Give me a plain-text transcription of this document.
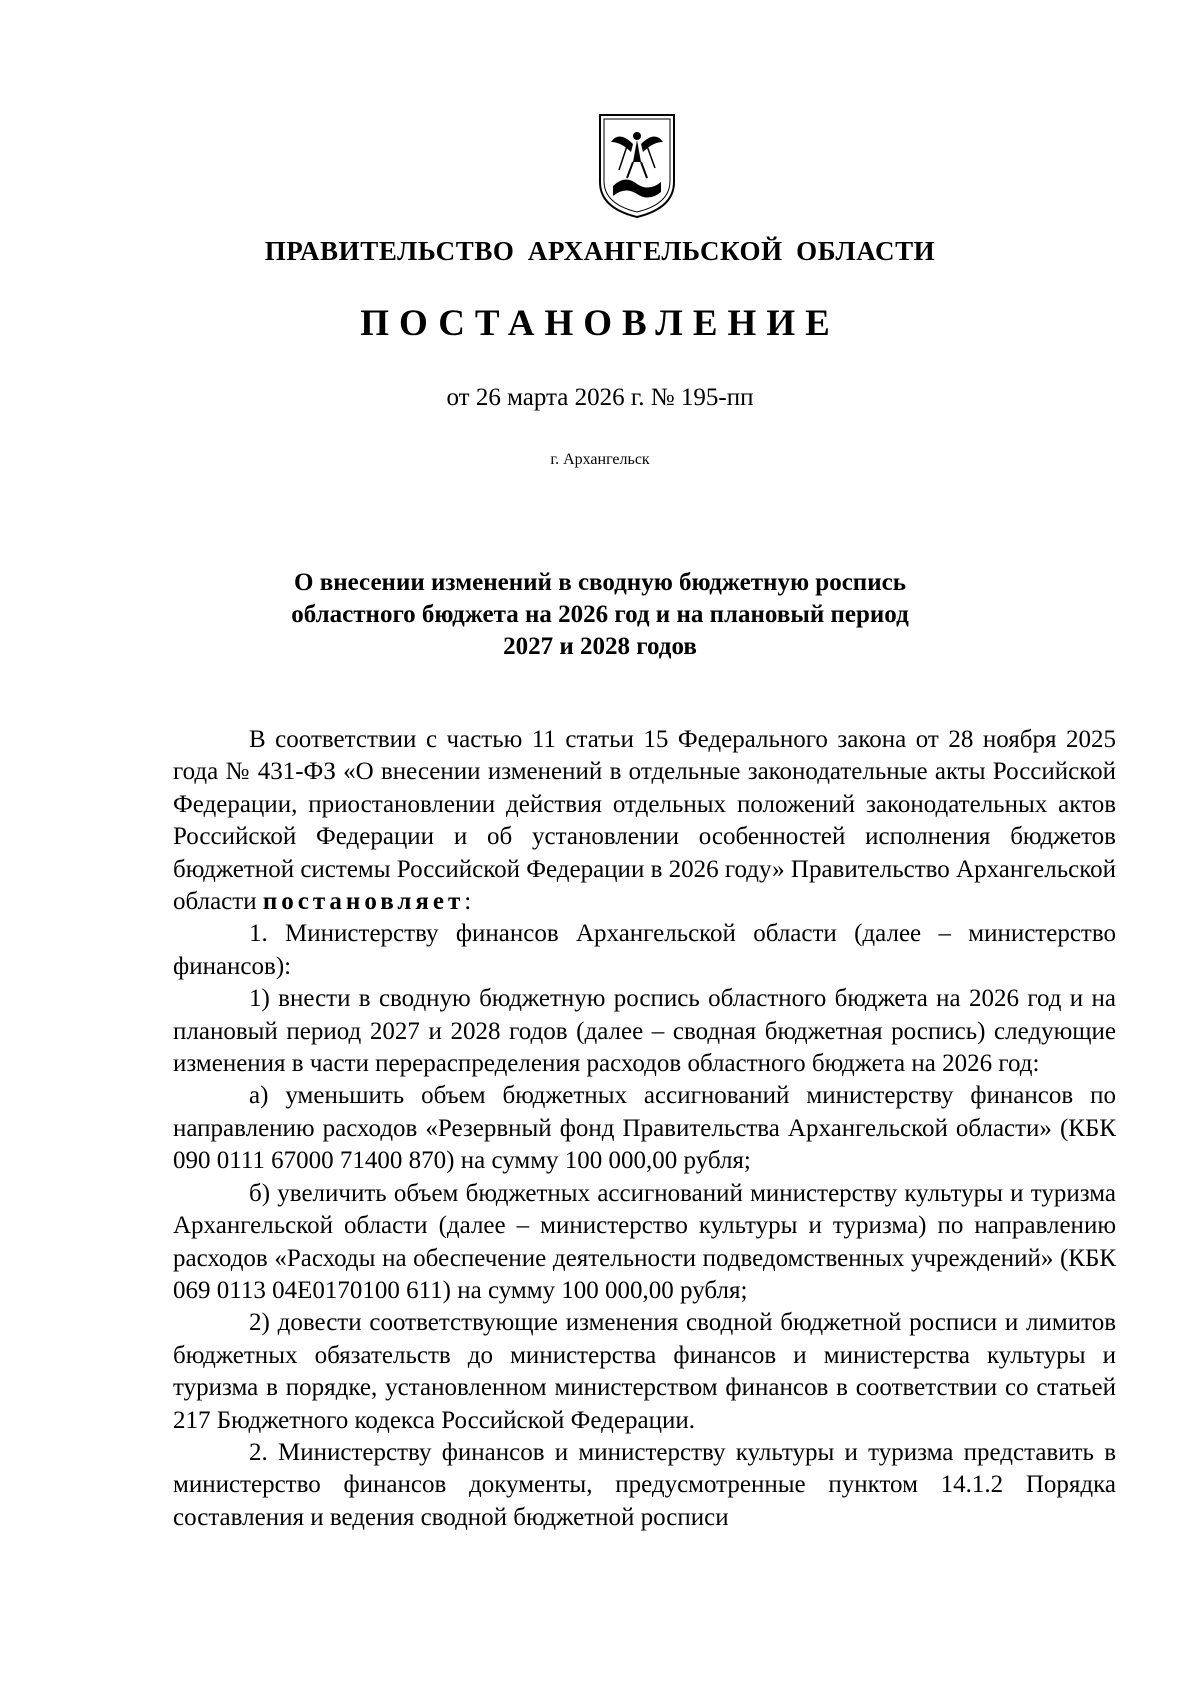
ПРАВИТЕЛЬСТВО АРХАНГЕЛЬСКОЙ ОБЛАСТИ
ПОСТАНОВЛЕНИЕ
от 26 марта 2026 г. № 195-пп
г. Архангельск
О внесении изменений в сводную бюджетную роспись
областного бюджета на 2026 год и на плановый период
2027 и 2028 годов

В соответствии с частью 11 статьи 15 Федерального закона от 28 ноября 2025 года № 431-ФЗ «О внесении изменений в отдельные законодательные акты Российской Федерации, приостановлении действия отдельных положений законодательных актов Российской Федерации и об установлении особенностей исполнения бюджетов бюджетной системы Российской Федерации в 2026 году» Правительство Архангельской области постановляет:

1. Министерству финансов Архангельской области (далее – министерство финансов):

1) внести в сводную бюджетную роспись областного бюджета на 2026 год и на плановый период 2027 и 2028 годов (далее – сводная бюджетная роспись) следующие изменения в части перераспределения расходов областного бюджета на 2026 год:

а) уменьшить объем бюджетных ассигнований министерству финансов по направлению расходов «Резервный фонд Правительства Архангельской области» (КБК 090 0111 67000 71400 870) на сумму 100 000,00 рубля;

б) увеличить объем бюджетных ассигнований министерству культуры и туризма Архангельской области (далее – министерство культуры и туризма) по направлению расходов «Расходы на обеспечение деятельности подведомственных учреждений» (КБК 069 0113 04Е0170100 611) на сумму 100 000,00 рубля;

2) довести соответствующие изменения сводной бюджетной росписи и лимитов бюджетных обязательств до министерства финансов и министерства культуры и туризма в порядке, установленном министерством финансов в соответствии со статьей 217 Бюджетного кодекса Российской Федерации.

2. Министерству финансов и министерству культуры и туризма представить в министерство финансов документы, предусмотренные пунктом 14.1.2 Порядка составления и ведения сводной бюджетной росписи
